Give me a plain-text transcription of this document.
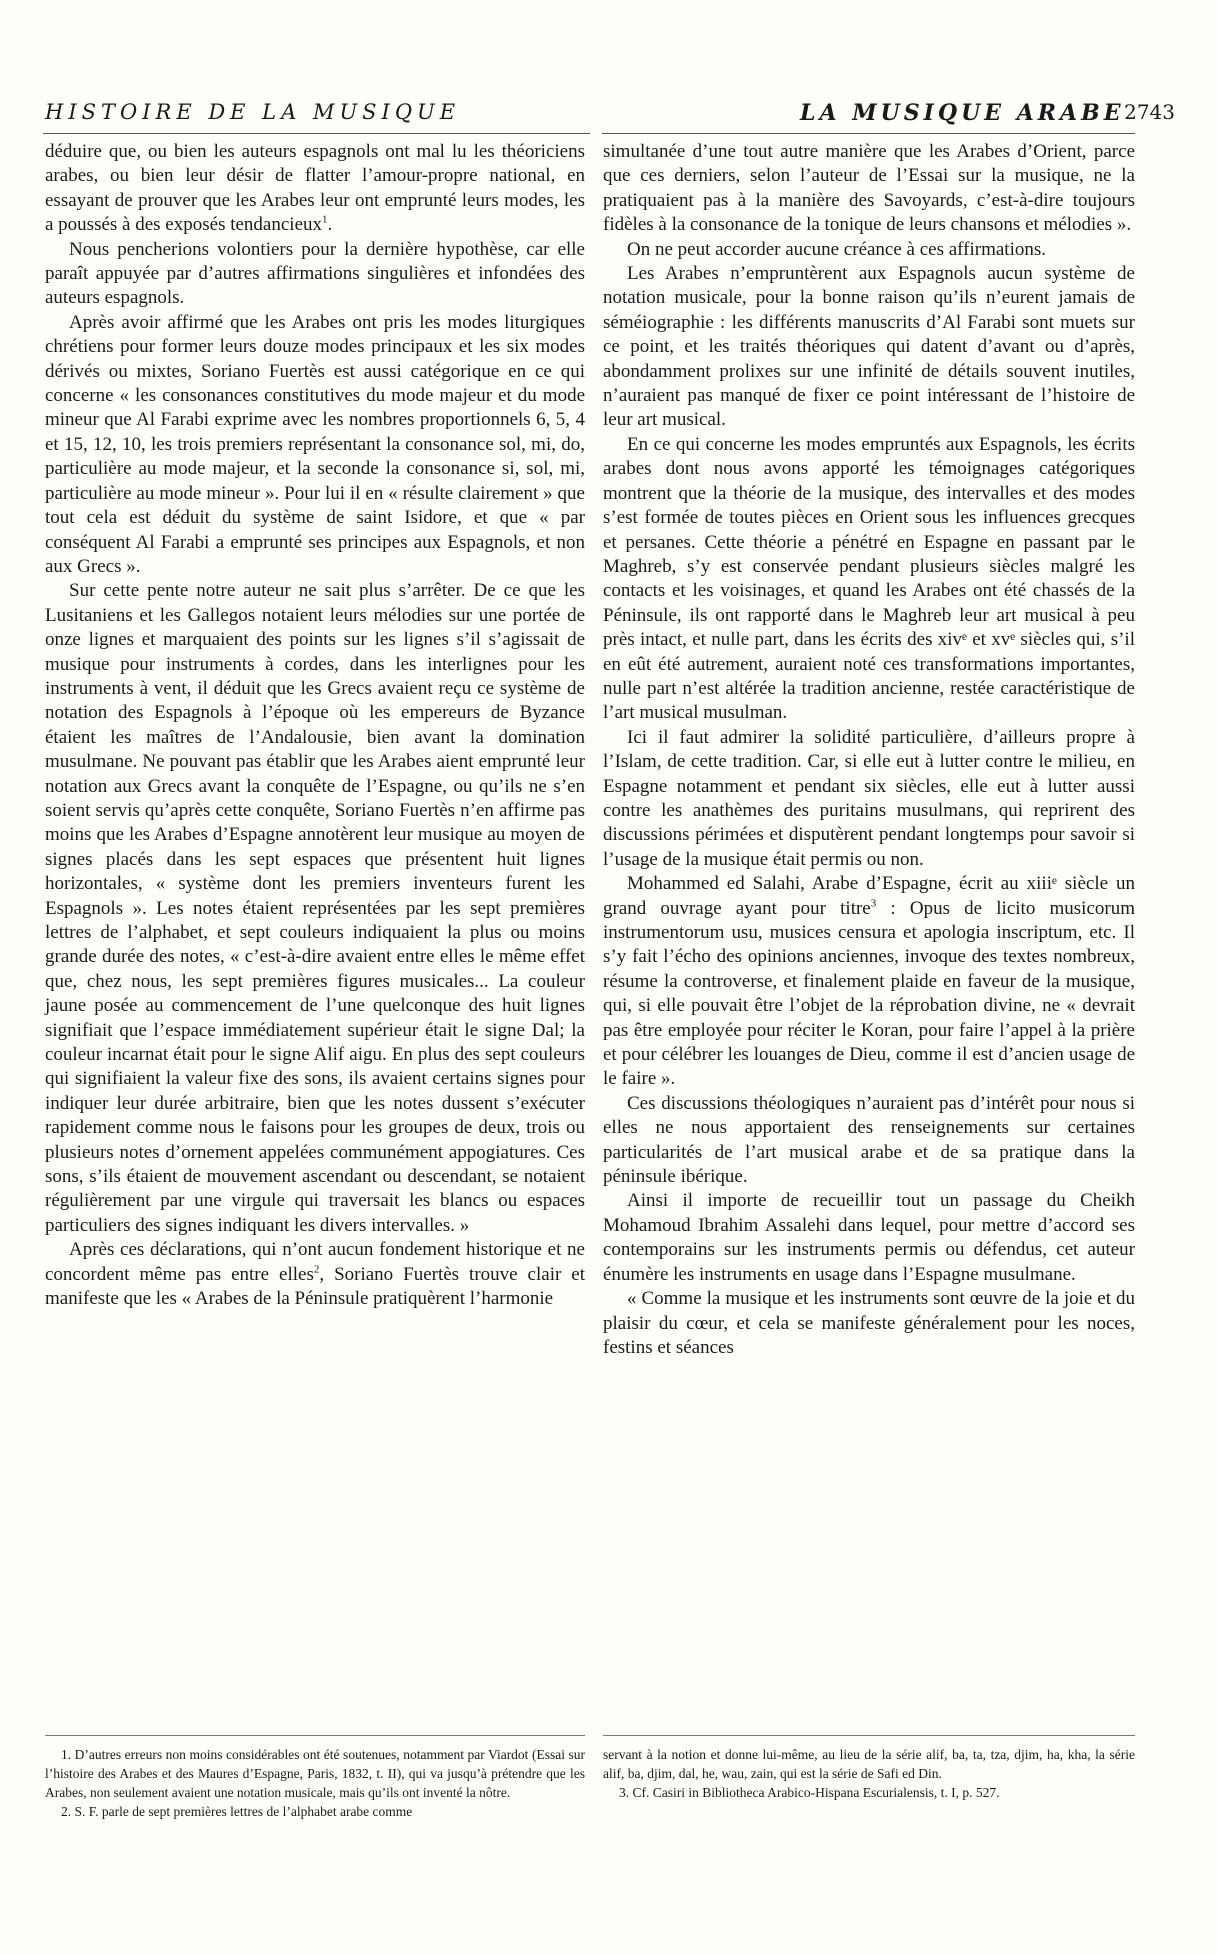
HISTOIRE DE LA MUSIQUE	LA MUSIQUE ARABE 2743

déduire que, ou bien les auteurs espagnols ont mal lu les théoriciens arabes, ou bien leur désir de flatter l’amour-propre national, en essayant de prouver que les Arabes leur ont emprunté leurs modes, les a poussés à des exposés tendancieux$^1$.

Nous pencherions volontiers pour la dernière hypothèse, car elle paraît appuyée par d’autres affirmations singulières et infondées des auteurs espagnols.

Après avoir affirmé que les Arabes ont pris les modes liturgiques chrétiens pour former leurs douze modes principaux et les six modes dérivés ou mixtes, Soriano Fuertès est aussi catégorique en ce qui concerne « les consonances constitutives du mode majeur et du mode mineur que Al Farabi exprime avec les nombres proportionnels 6, 5, 4 et 15, 12, 10, les trois premiers représentant la consonance sol, mi, do, particulière au mode majeur, et la seconde la consonance si, sol, mi, particulière au mode mineur ». Pour lui il en « résulte clairement » que tout cela est déduit du système de saint Isidore, et que « par conséquent Al Farabi a emprunté ses principes aux Espagnols, et non aux Grecs ».

Sur cette pente notre auteur ne sait plus s’arrêter. De ce que les Lusitaniens et les Gallegos notaient leurs mélodies sur une portée de onze lignes et marquaient des points sur les lignes s’il s’agissait de musique pour instruments à cordes, dans les interlignes pour les instruments à vent, il déduit que les Grecs avaient reçu ce système de notation des Espagnols à l’époque où les empereurs de Byzance étaient les maîtres de l’Andalousie, bien avant la domination musulmane. Ne pouvant pas établir que les Arabes aient emprunté leur notation aux Grecs avant la conquête de l’Espagne, ou qu’ils ne s’en soient servis qu’après cette conquête, Soriano Fuertès n’en affirme pas moins que les Arabes d’Espagne annotèrent leur musique au moyen de signes placés dans les sept espaces que présentent huit lignes horizontales, « système dont les premiers inventeurs furent les Espagnols ». Les notes étaient représentées par les sept premières lettres de l’alphabet, et sept couleurs indiquaient la plus ou moins grande durée des notes, « c’est-à-dire avaient entre elles le même effet que, chez nous, les sept premières figures musicales... La couleur jaune posée au commencement de l’une quelconque des huit lignes signifiait que l’espace immédiatement supérieur était le signe Dal; la couleur incarnat était pour le signe Alif aigu. En plus des sept couleurs qui signifiaient la valeur fixe des sons, ils avaient certains signes pour indiquer leur durée arbitraire, bien que les notes dussent s’exécuter rapidement comme nous le faisons pour les groupes de deux, trois ou plusieurs notes d’ornement appelées communément appogiatures. Ces sons, s’ils étaient de mouvement ascendant ou descendant, se notaient régulièrement par une virgule qui traversait les blancs ou espaces particuliers des signes indiquant les divers intervalles. »

Après ces déclarations, qui n’ont aucun fondement historique et ne concordent même pas entre elles$^2$, Soriano Fuertès trouve clair et manifeste que les « Arabes de la Péninsule pratiquèrent l’harmonie

simultanée d’une tout autre manière que les Arabes d’Orient, parce que ces derniers, selon l’auteur de l’Essai sur la musique, ne la pratiquaient pas à la manière des Savoyards, c’est-à-dire toujours fidèles à la consonance de la tonique de leurs chansons et mélodies ».

On ne peut accorder aucune créance à ces affirmations.

Les Arabes n’empruntèrent aux Espagnols aucun système de notation musicale, pour la bonne raison qu’ils n’eurent jamais de séméiographie : les différents manuscrits d’Al Farabi sont muets sur ce point, et les traités théoriques qui datent d’avant ou d’après, abondamment prolixes sur une infinité de détails souvent inutiles, n’auraient pas manqué de fixer ce point intéressant de l’histoire de leur art musical.

En ce qui concerne les modes empruntés aux Espagnols, les écrits arabes dont nous avons apporté les témoignages catégoriques montrent que la théorie de la musique, des intervalles et des modes s’est formée de toutes pièces en Orient sous les influences grecques et persanes. Cette théorie a pénétré en Espagne en passant par le Maghreb, s’y est conservée pendant plusieurs siècles malgré les contacts et les voisinages, et quand les Arabes ont été chassés de la Péninsule, ils ont rapporté dans le Maghreb leur art musical à peu près intact, et nulle part, dans les écrits des xivᵉ et xvᵉ siècles qui, s’il en eût été autrement, auraient noté ces transformations importantes, nulle part n’est altérée la tradition ancienne, restée caractéristique de l’art musical musulman.

Ici il faut admirer la solidité particulière, d’ailleurs propre à l’Islam, de cette tradition. Car, si elle eut à lutter contre le milieu, en Espagne notamment et pendant six siècles, elle eut à lutter aussi contre les anathèmes des puritains musulmans, qui reprirent des discussions périmées et disputèrent pendant longtemps pour savoir si l’usage de la musique était permis ou non.

Mohammed ed Salahi, Arabe d’Espagne, écrit au xiiiᵉ siècle un grand ouvrage ayant pour titre$^3$ : Opus de licito musicorum instrumentorum usu, musices censura et apologia inscriptum, etc. Il s’y fait l’écho des opinions anciennes, invoque des textes nombreux, résume la controverse, et finalement plaide en faveur de la musique, qui, si elle pouvait être l’objet de la réprobation divine, ne « devrait pas être employée pour réciter le Koran, pour faire l’appel à la prière et pour célébrer les louanges de Dieu, comme il est d’ancien usage de le faire ».

Ces discussions théologiques n’auraient pas d’intérêt pour nous si elles ne nous apportaient des renseignements sur certaines particularités de l’art musical arabe et de sa pratique dans la péninsule ibérique.

Ainsi il importe de recueillir tout un passage du Cheikh Mohamoud Ibrahim Assalehi dans lequel, pour mettre d’accord ses contemporains sur les instruments permis ou défendus, cet auteur énumère les instruments en usage dans l’Espagne musulmane.

« Comme la musique et les instruments sont œuvre de la joie et du plaisir du cœur, et cela se manifeste généralement pour les noces, festins et séances

1. D’autres erreurs non moins considérables ont été soutenues, notamment par Viardot (Essai sur l’histoire des Arabes et des Maures d’Espagne, Paris, 1832, t. II), qui va jusqu’à prétendre que les Arabes, non seulement avaient une notation musicale, mais qu’ils ont inventé la nôtre.

2. S. F. parle de sept premières lettres de l’alphabet arabe comme

servant à la notion et donne lui-même, au lieu de la série alif, ba, ta, tza, djim, ha, kha, la série alif, ba, djim, dal, he, wau, zain, qui est la série de Safi ed Din.

3. Cf. Casiri in Bibliotheca Arabico-Hispana Escurialensis, t. I, p. 527.
